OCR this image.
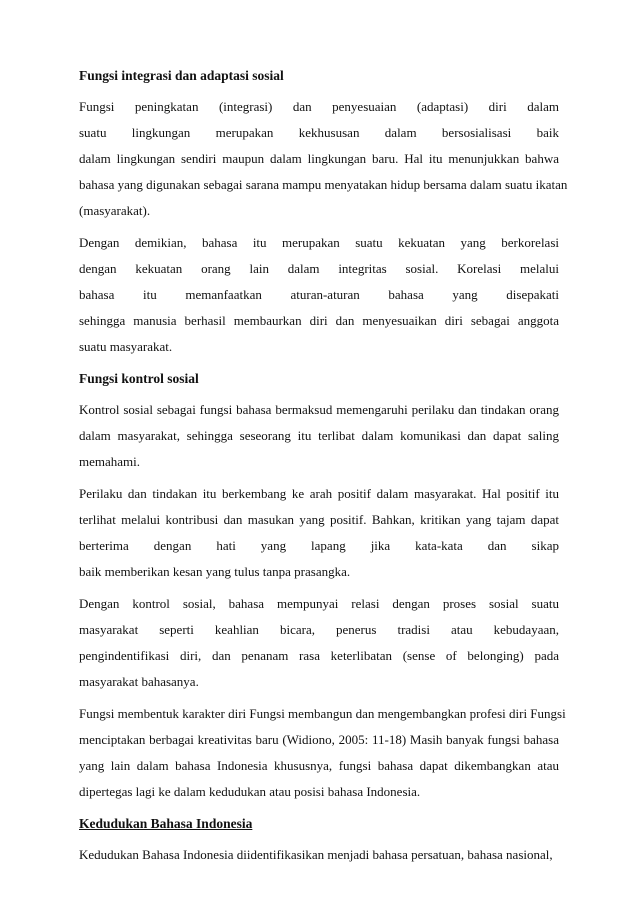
Fungsi integrasi dan adaptasi sosial
Fungsi peningkatan (integrasi) dan penyesuaian (adaptasi) diri dalam
suatu lingkungan merupakan kekhususan dalam bersosialisasi baik
dalam lingkungan sendiri maupun dalam lingkungan baru. Hal itu menunjukkan bahwa
bahasa yang digunakan sebagai sarana mampu menyatakan hidup bersama dalam suatu ikatan
(masyarakat).
Dengan demikian, bahasa itu merupakan suatu kekuatan yang berkorelasi
dengan kekuatan orang lain dalam integritas sosial. Korelasi melalui
bahasa itu memanfaatkan aturan-aturan bahasa yang disepakati
sehingga manusia berhasil membaurkan diri dan menyesuaikan diri sebagai anggota
suatu masyarakat.
Fungsi kontrol sosial
Kontrol sosial sebagai fungsi bahasa bermaksud memengaruhi perilaku dan tindakan orang
dalam masyarakat, sehingga seseorang itu terlibat dalam komunikasi dan dapat saling
memahami.
Perilaku dan tindakan itu berkembang ke arah positif dalam masyarakat. Hal positif itu
terlihat melalui kontribusi dan masukan yang positif. Bahkan, kritikan yang tajam dapat
berterima dengan hati yang lapang jika kata-kata dan sikap
baik memberikan kesan yang tulus tanpa prasangka.
Dengan kontrol sosial, bahasa mempunyai relasi dengan proses sosial suatu
masyarakat seperti keahlian bicara, penerus tradisi atau kebudayaan,
pengindentifikasi diri, dan penanam rasa keterlibatan (sense of belonging) pada
masyarakat bahasanya.
Fungsi membentuk karakter diri Fungsi membangun dan mengembangkan profesi diri Fungsi
menciptakan berbagai kreativitas baru (Widiono, 2005: 11-18) Masih banyak fungsi bahasa
yang lain dalam bahasa Indonesia khususnya, fungsi bahasa dapat dikembangkan atau
dipertegas lagi ke dalam kedudukan atau posisi bahasa Indonesia.
Kedudukan Bahasa Indonesia
Kedudukan Bahasa Indonesia diidentifikasikan menjadi bahasa persatuan, bahasa nasional,
